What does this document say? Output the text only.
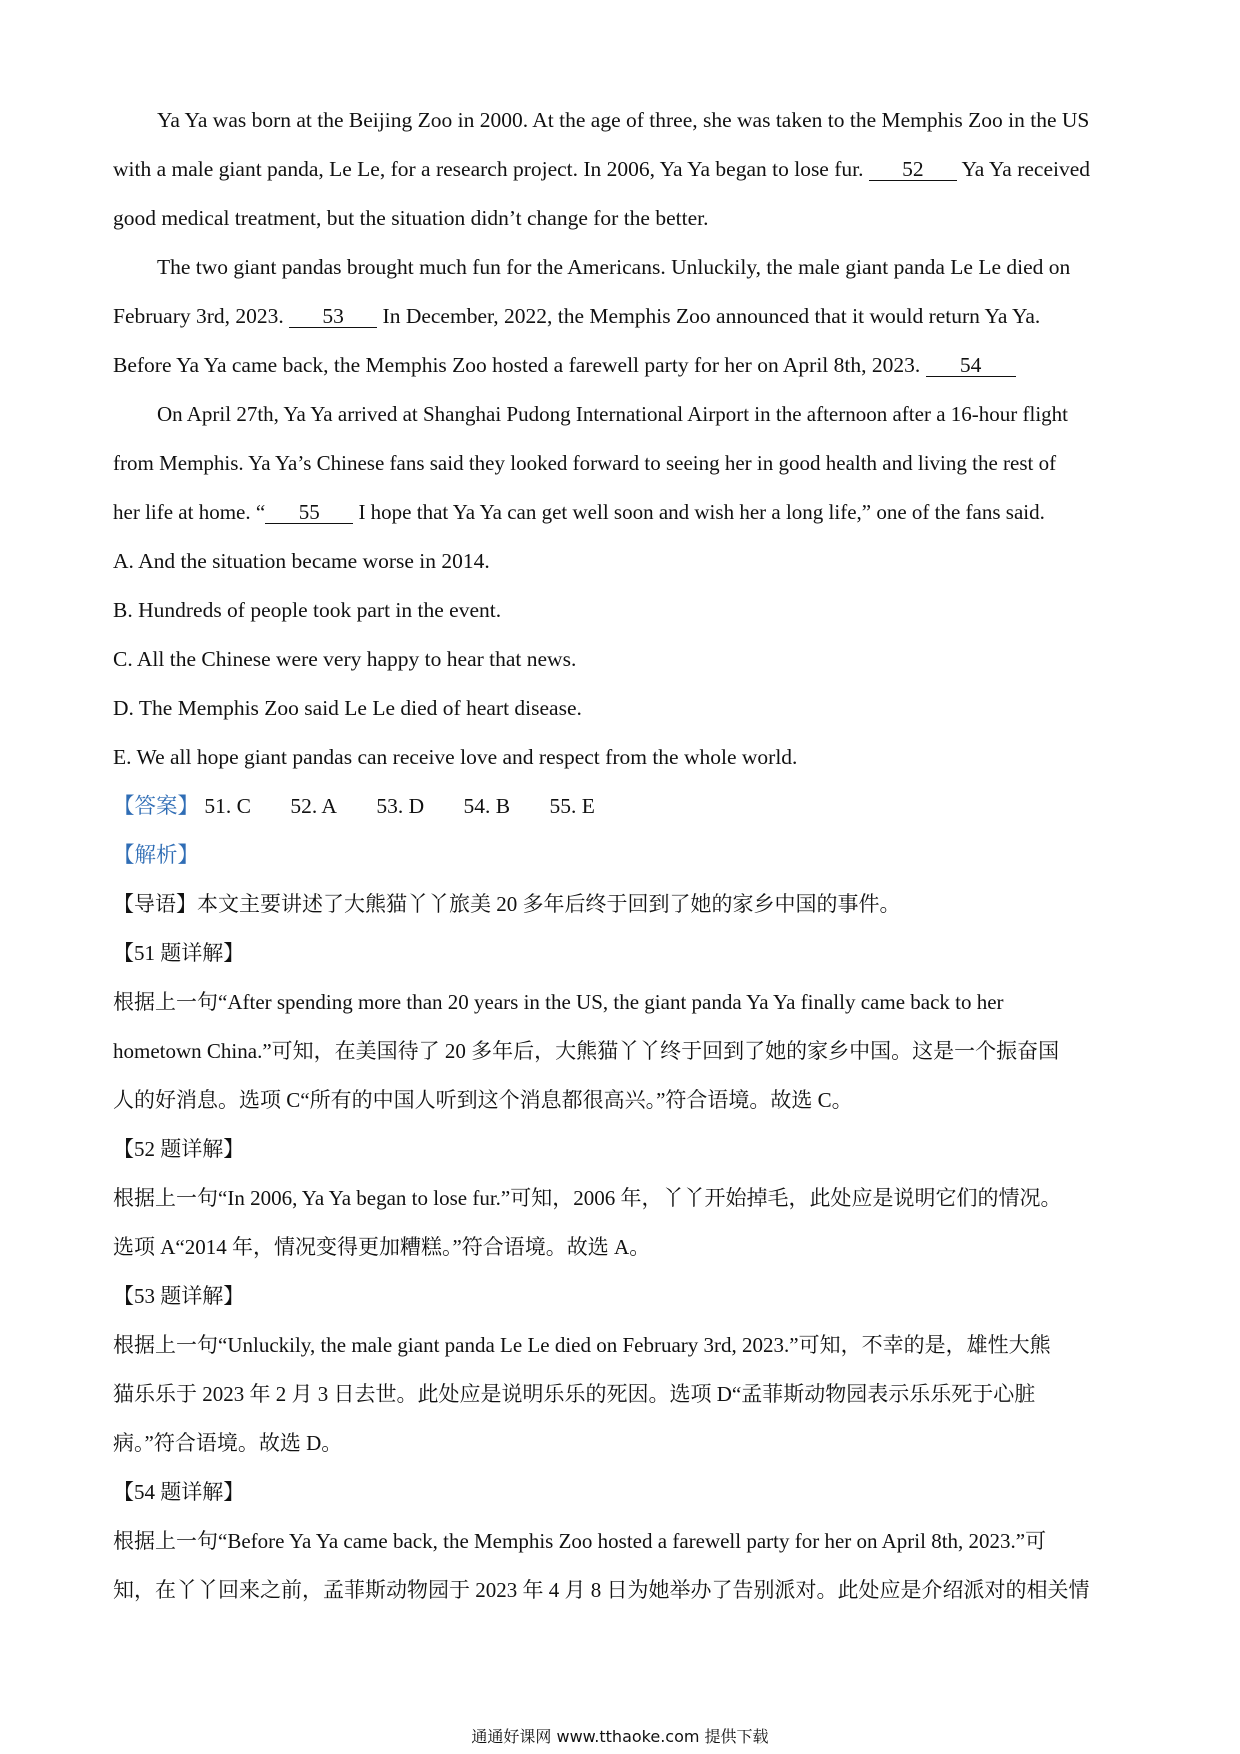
Ya Ya was born at the Beijing Zoo in 2000. At the age of three, she was taken to the Memphis Zoo in the US
with a male giant panda, Le Le, for a research project. In 2006, Ya Ya began to lose fur. 52 Ya Ya received
good medical treatment, but the situation didn’t change for the better.
The two giant pandas brought much fun for the Americans. Unluckily, the male giant panda Le Le died on
February 3rd, 2023. 53 In December, 2022, the Memphis Zoo announced that it would return Ya Ya.
Before Ya Ya came back, the Memphis Zoo hosted a farewell party for her on April 8th, 2023. 54
On April 27th, Ya Ya arrived at Shanghai Pudong International Airport in the afternoon after a 16-hour flight
from Memphis. Ya Ya’s Chinese fans said they looked forward to seeing her in good health and living the rest of
her life at home. “ 55 I hope that Ya Ya can get well soon and wish her a long life,” one of the fans said.
A. And the situation became worse in 2014.
B. Hundreds of people took part in the event.
C. All the Chinese were very happy to hear that news.
D. The Memphis Zoo said Le Le died of heart disease.
E. We all hope giant pandas can receive love and respect from the whole world.
【答案】 51. C 52. A 53. D 54. B 55. E
【解析】
【导语】本文主要讲述了大熊猫丫丫旅美 20 多年后终于回到了她的家乡中国的事件。
【51 题详解】
根据上一句“After spending more than 20 years in the US, the giant panda Ya Ya finally came back to her
hometown China.”可知，在美国待了 20 多年后，大熊猫丫丫终于回到了她的家乡中国。这是一个振奋国
人的好消息。选项 C“所有的中国人听到这个消息都很高兴。”符合语境。故选 C。
【52 题详解】
根据上一句“In 2006, Ya Ya began to lose fur.”可知，2006 年，丫丫开始掉毛，此处应是说明它们的情况。
选项 A“2014 年，情况变得更加糟糕。”符合语境。故选 A。
【53 题详解】
根据上一句“Unluckily, the male giant panda Le Le died on February 3rd, 2023.”可知，不幸的是，雄性大熊
猫乐乐于 2023 年 2 月 3 日去世。此处应是说明乐乐的死因。选项 D“孟菲斯动物园表示乐乐死于心脏
病。”符合语境。故选 D。
【54 题详解】
根据上一句“Before Ya Ya came back, the Memphis Zoo hosted a farewell party for her on April 8th, 2023.”可
知，在丫丫回来之前，孟菲斯动物园于 2023 年 4 月 8 日为她举办了告别派对。此处应是介绍派对的相关情
通通好课网 www.tthaoke.com 提供下载
